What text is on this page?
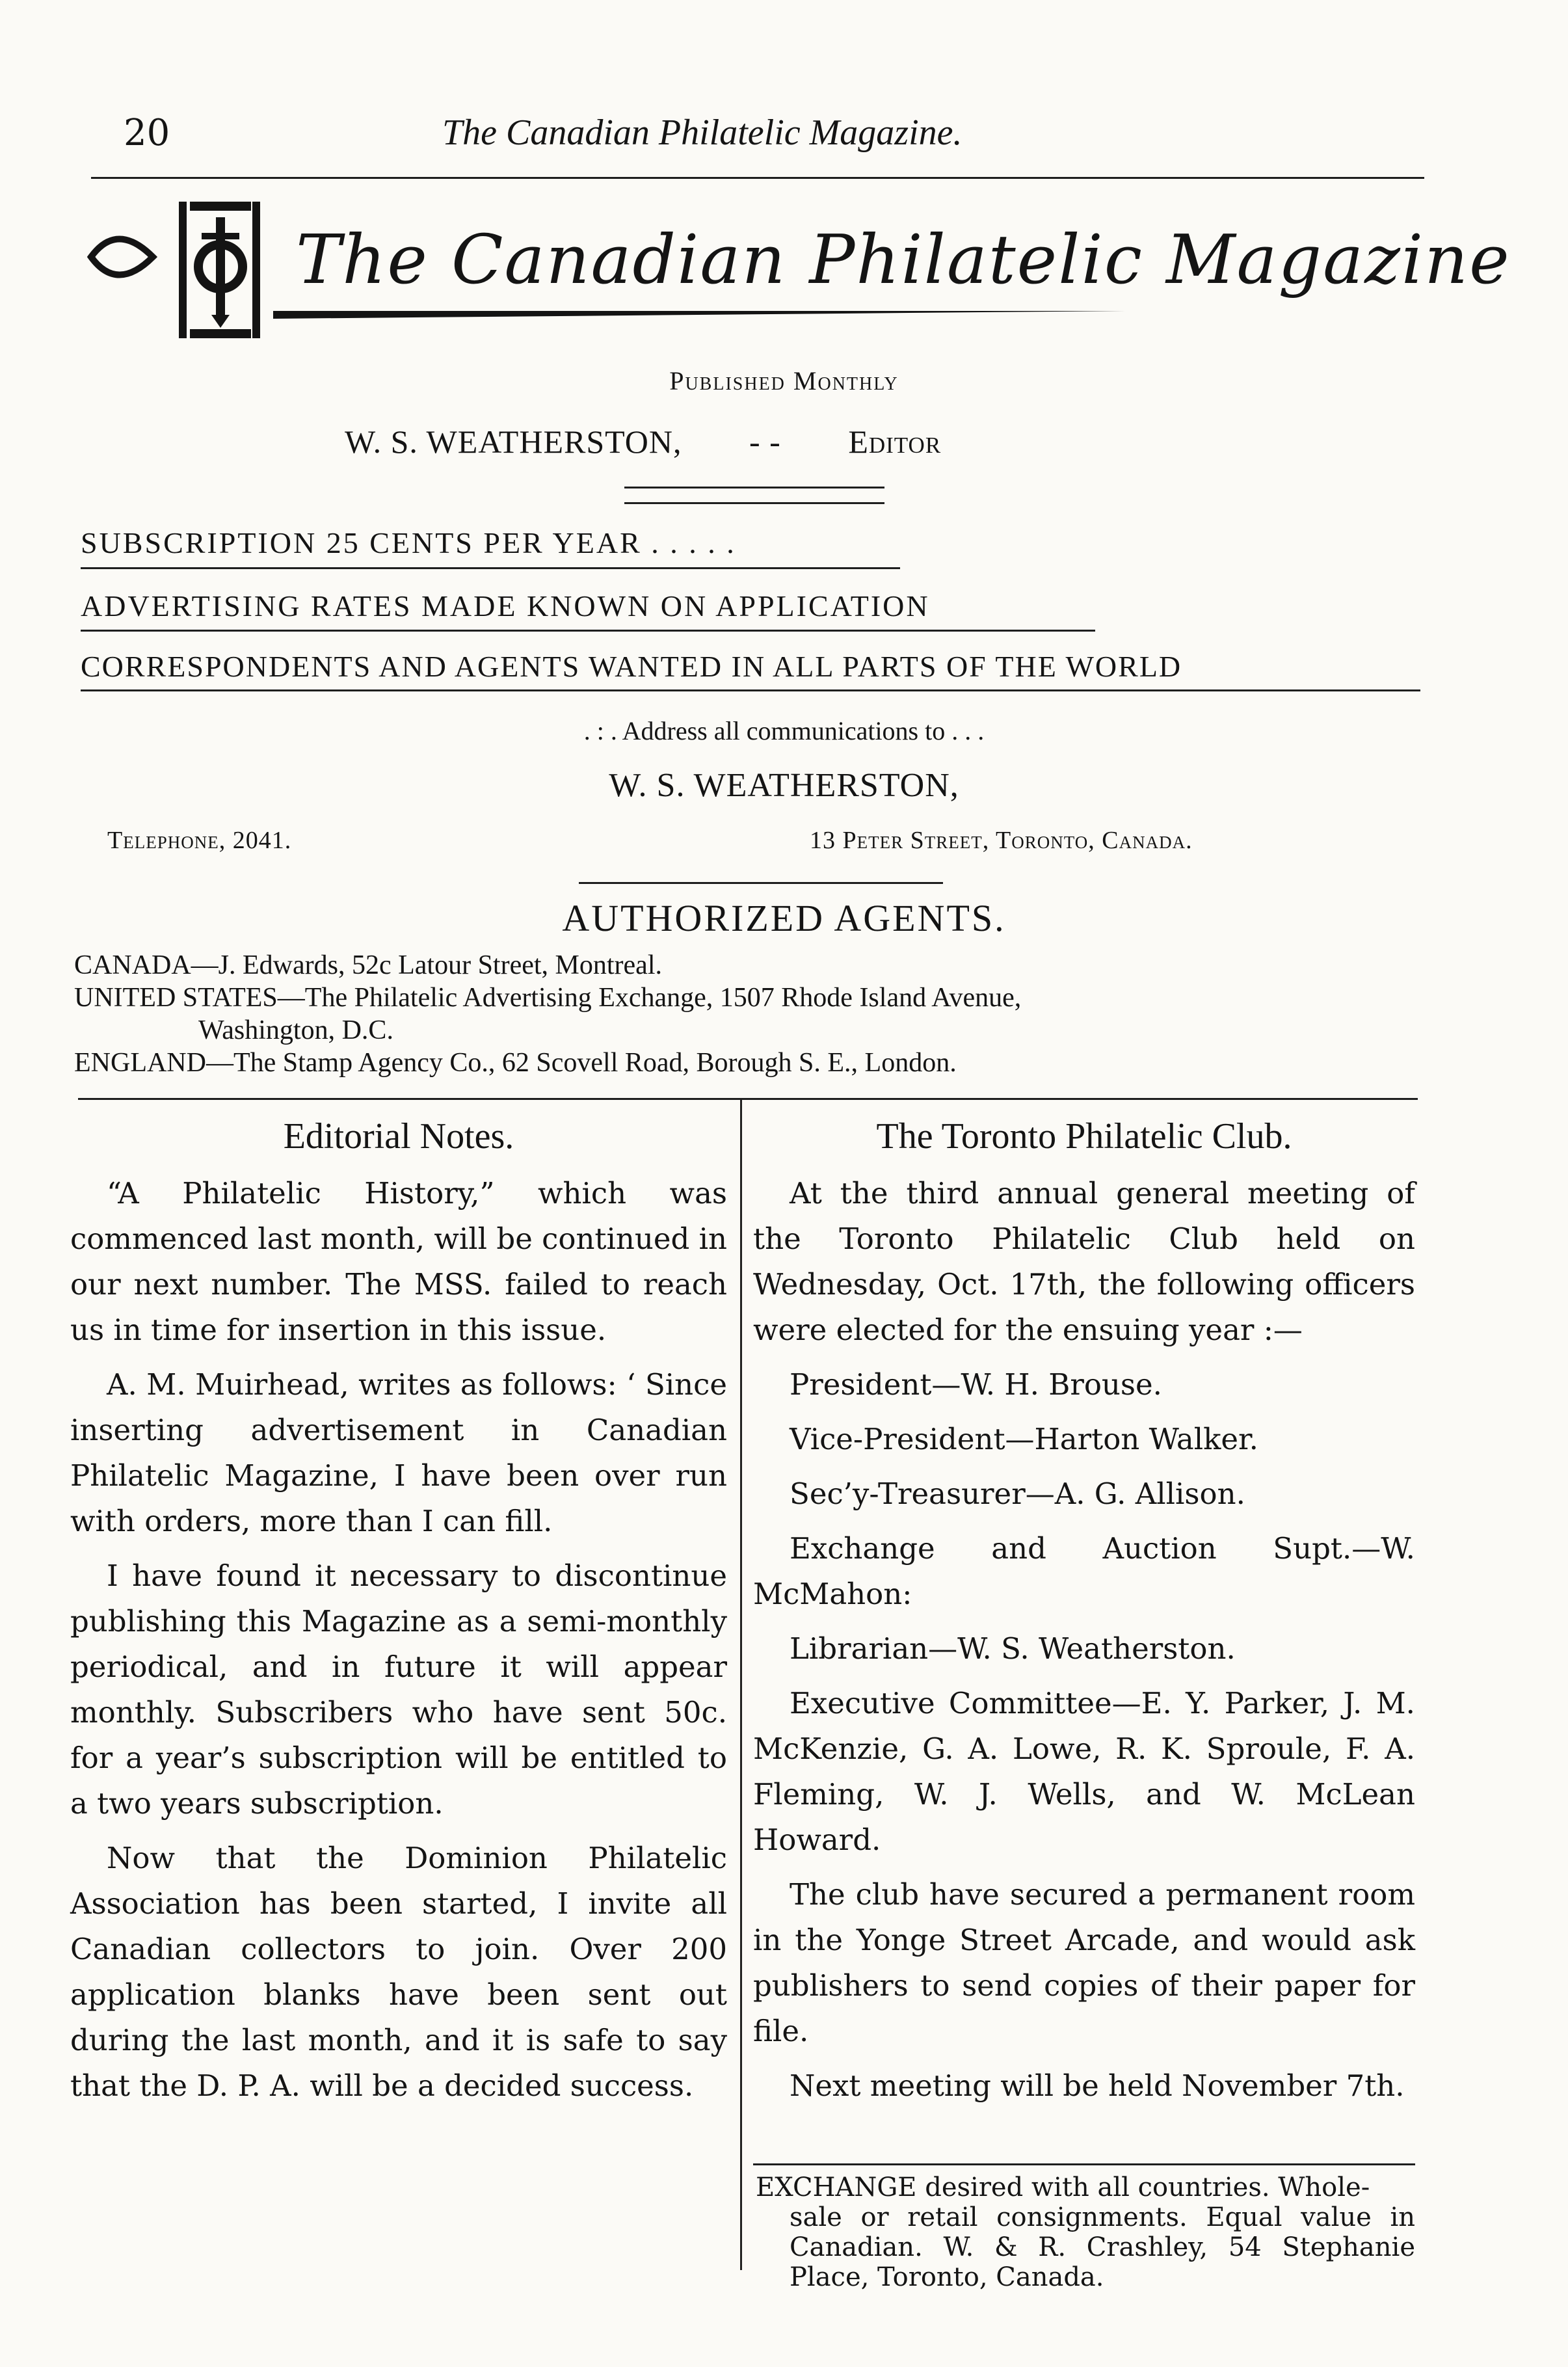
20	The Canadian Philatelic Magazine.
The Canadian Philatelic Magazine
Published Monthly
W. S. WEATHERSTON, - - Editor
SUBSCRIPTION 25 CENTS PER YEAR . . . . .
ADVERTISING RATES MADE KNOWN ON APPLICATION
CORRESPONDENTS AND AGENTS WANTED IN ALL PARTS OF THE WORLD
. : . Address all communications to . . .
W. S. WEATHERSTON,
Telephone, 2041.	13 Peter Street, Toronto, Canada.
AUTHORIZED AGENTS.
CANADA—J. Edwards, 52c Latour Street, Montreal.
UNITED STATES—The Philatelic Advertising Exchange, 1507 Rhode Island Avenue,
Washington, D.C.
ENGLAND—The Stamp Agency Co., 62 Scovell Road, Borough S. E., London.
Editorial Notes.

“A Philatelic History,” which was commenced last month, will be continued in our next number. The MSS. failed to reach us in time for insertion in this issue.

A. M. Muirhead, writes as follows: ‘ Since inserting advertisement in Canadian Philatelic Magazine, I have been over run with orders, more than I can fill.

I have found it necessary to discontinue publishing this Magazine as a semi-monthly periodical, and in future it will appear monthly. Subscribers who have sent 50c. for a year’s subscription will be entitled to a two years subscription.

Now that the Dominion Philatelic Association has been started, I invite all Canadian collectors to join. Over 200 application blanks have been sent out during the last month, and it is safe to say that the D. P. A. will be a decided success.

The Toronto Philatelic Club.

At the third annual general meeting of the Toronto Philatelic Club held on Wednesday, Oct. 17th, the following officers were elected for the ensuing year :—

President—W. H. Brouse.

Vice-President—Harton Walker.

Sec’y-Treasurer—A. G. Allison.

Exchange and Auction Supt.—W. McMahon:

Librarian—W. S. Weatherston.

Executive Committee—E. Y. Parker, J. M. McKenzie, G. A. Lowe, R. K. Sproule, F. A. Fleming, W. J. Wells, and W. McLean Howard.

The club have secured a permanent room in the Yonge Street Arcade, and would ask publishers to send copies of their paper for file.

Next meeting will be held November 7th.

EXCHANGE desired with all countries. Whole-
sale or retail consignments. Equal value in Canadian. W. & R. Crashley, 54 Stephanie Place, Toronto, Canada.
